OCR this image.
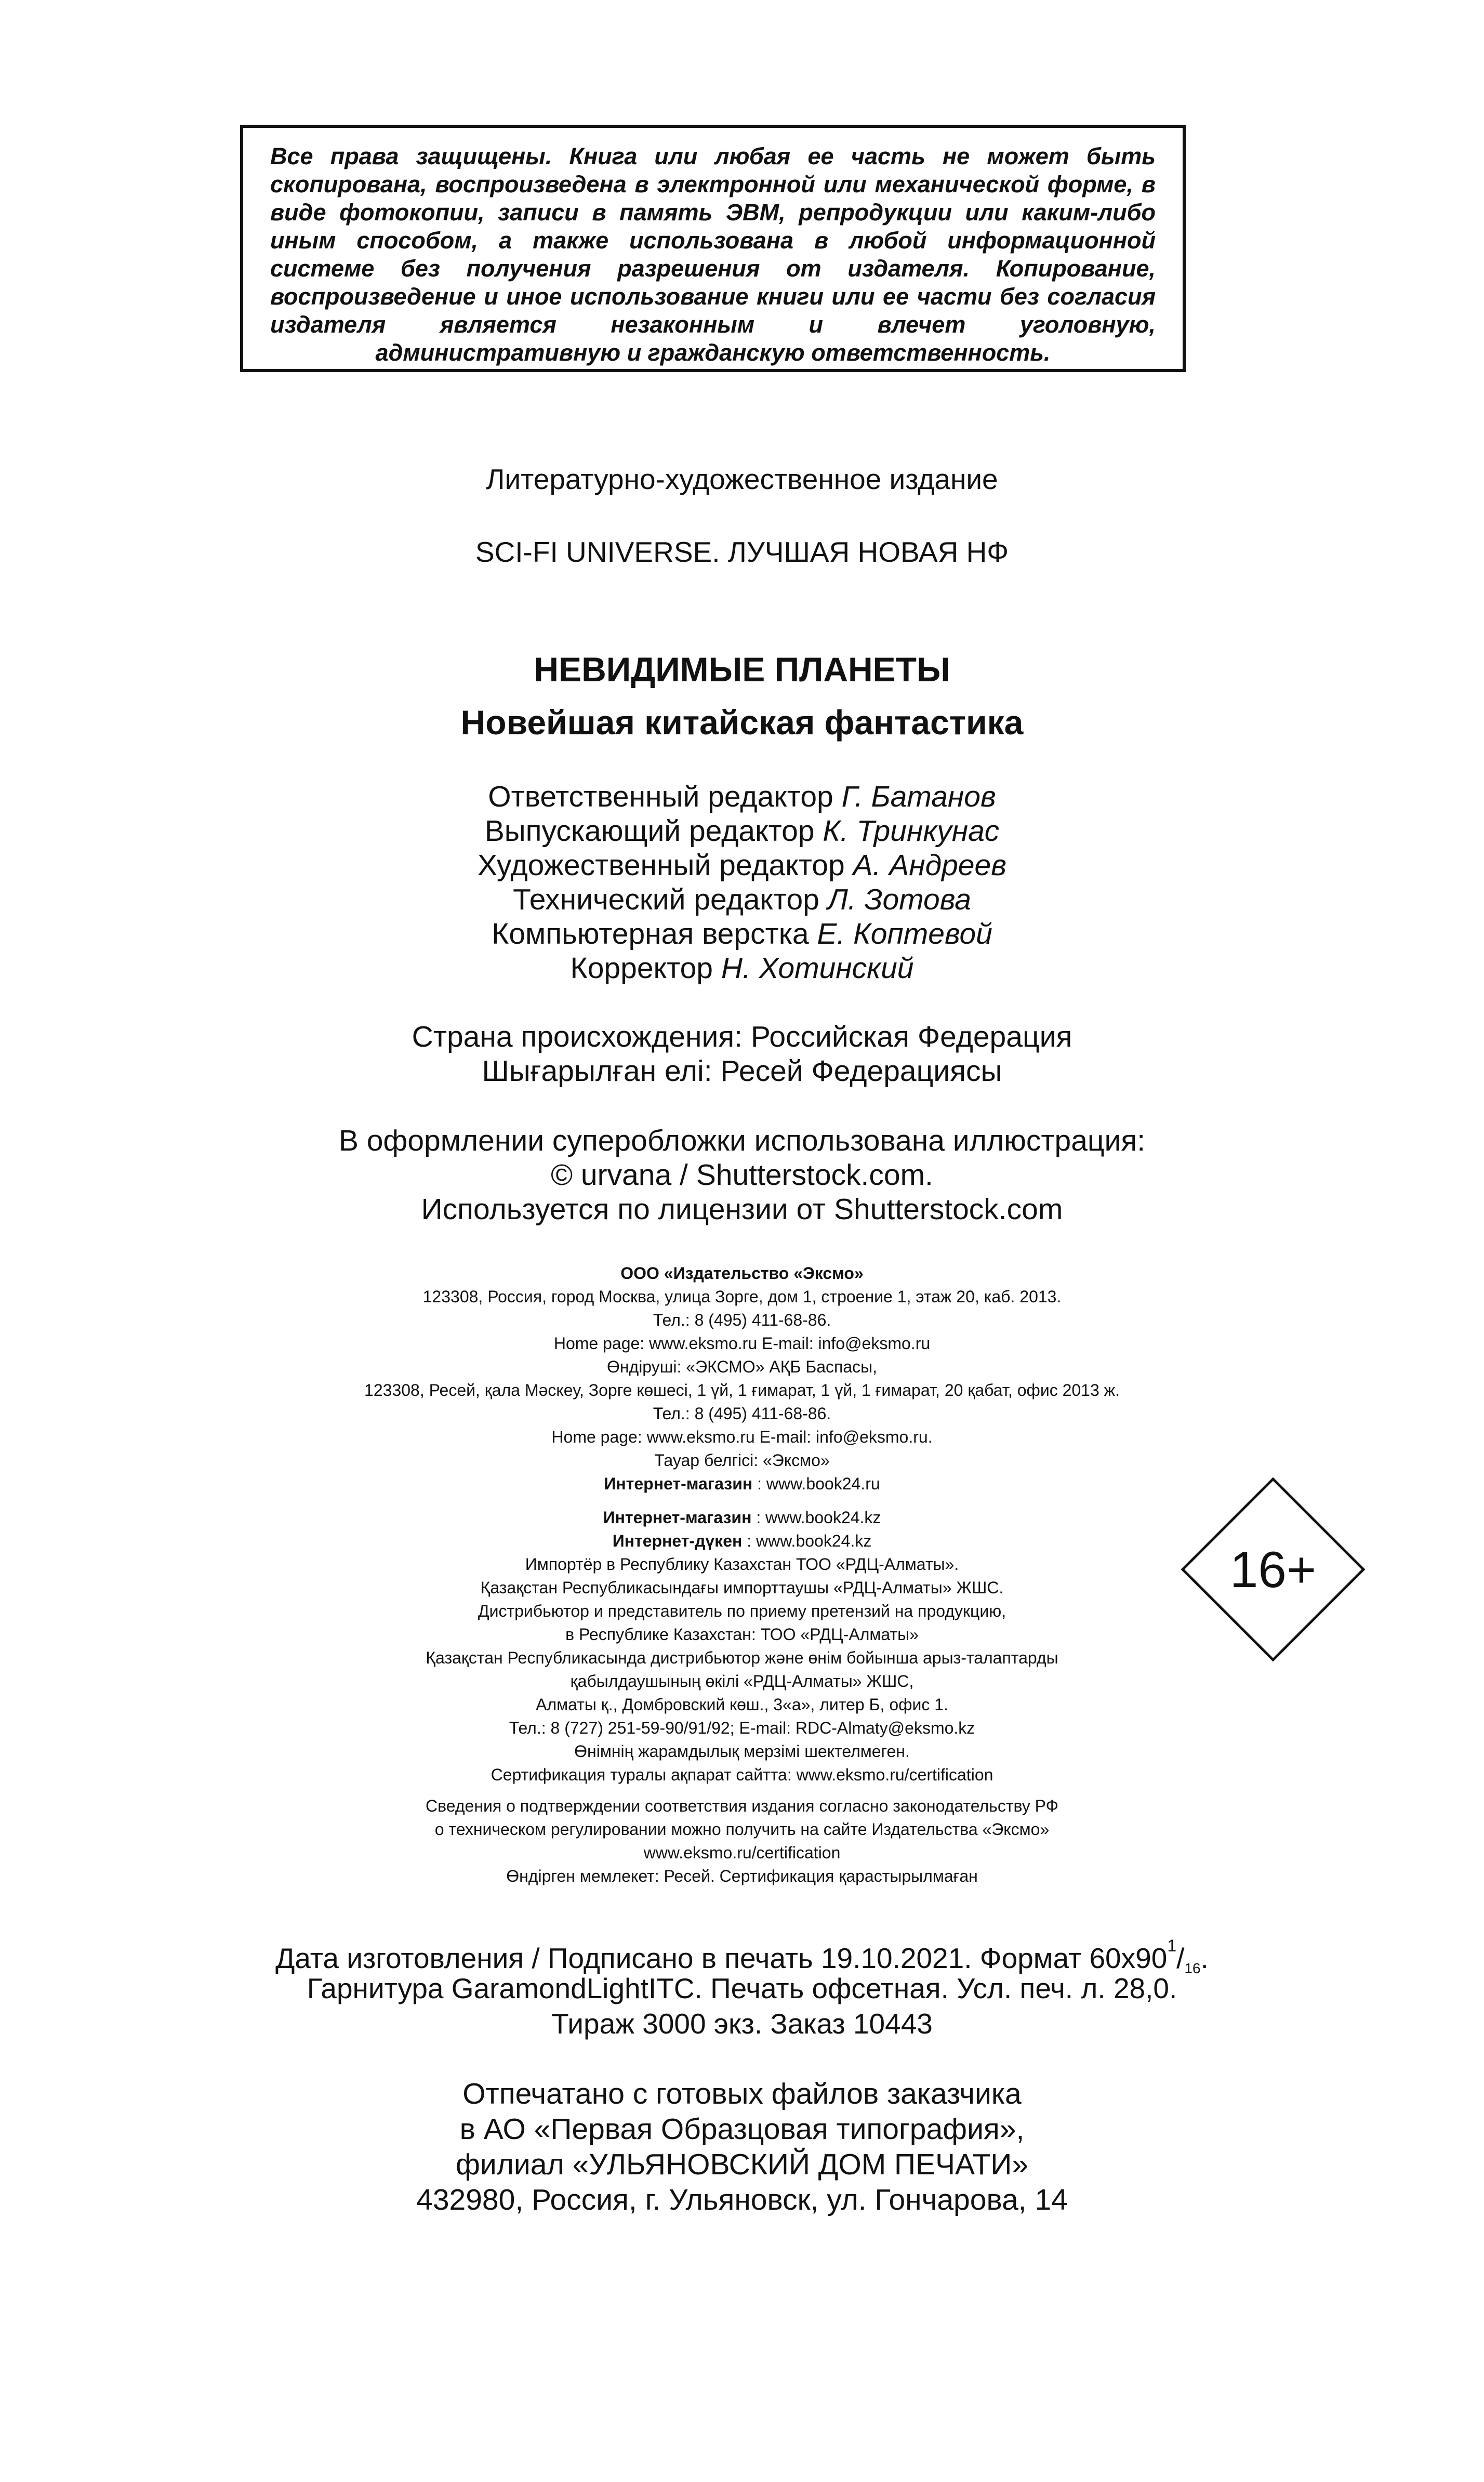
Все права защищены. Книга или любая ее часть не может быть скопирована, воспроизведена в электронной или механической форме, в виде фотокопии, записи в память ЭВМ, репродукции или каким-либо иным способом, а также использована в любой информационной системе без получения разрешения от издателя. Копирование, воспроизведение и иное использование книги или ее части без согласия издателя является незаконным и влечет уголовную, административную и гражданскую ответственность.

Литературно-художественное издание

SCI-FI UNIVERSE. ЛУЧШАЯ НОВАЯ НФ

НЕВИДИМЫЕ ПЛАНЕТЫ

Новейшая китайская фантастика

Ответственный редактор Г. Батанов

Выпускающий редактор К. Тринкунас

Художественный редактор А. Андреев

Технический редактор Л. Зотова

Компьютерная верстка Е. Коптевой

Корректор Н. Хотинский

Страна происхождения: Российская Федерация

Шығарылған елі: Ресей Федерациясы

В оформлении суперобложки использована иллюстрация:

© urvana / Shutterstock.com.

Используется по лицензии от Shutterstock.com

ООО «Издательство «Эксмо»

123308, Россия, город Москва, улица Зорге, дом 1, строение 1, этаж 20, каб. 2013.

Тел.: 8 (495) 411-68-86.

Home page: www.eksmo.ru E-mail: info@eksmo.ru

Өндіруші: «ЭКСМО» АҚБ Баспасы,

123308, Ресей, қала Мәскеу, Зорге көшесі, 1 үй, 1 ғимарат, 1 үй, 1 ғимарат, 20 қабат, офис 2013 ж.

Тел.: 8 (495) 411-68-86.

Home page: www.eksmo.ru E-mail: info@eksmo.ru.

Тауар белгісі: «Эксмо»

Интернет-магазин : www.book24.ru

Интернет-магазин : www.book24.kz

Интернет-дүкен : www.book24.kz

Импортёр в Республику Казахстан ТОО «РДЦ-Алматы».

Қазақстан Республикасындағы импорттаушы «РДЦ-Алматы» ЖШС.

Дистрибьютор и представитель по приему претензий на продукцию,

в Республике Казахстан: ТОО «РДЦ-Алматы»

Қазақстан Республикасында дистрибьютор және өнім бойынша арыз-талаптарды

қабылдаушының өкілі «РДЦ-Алматы» ЖШС,

Алматы қ., Домбровский көш., 3«а», литер Б, офис 1.

Тел.: 8 (727) 251-59-90/91/92; E-mail: RDC-Almaty@eksmo.kz

Өнімнің жарамдылық мерзімі шектелмеген.

Сертификация туралы ақпарат сайтта: www.eksmo.ru/certification

Сведения о подтверждении соответствия издания согласно законодательству РФ

о техническом регулировании можно получить на сайте Издательства «Эксмо»

www.eksmo.ru/certification

Өндірген мемлекет: Ресей. Сертификация қарастырылмаған

16+

Дата изготовления / Подписано в печать 19.10.2021. Формат $60x90^1/_{16}$.

Гарнитура GaramondLightITC. Печать офсетная. Усл. печ. л. 28,0.

Тираж 3000 экз. Заказ 10443

Отпечатано с готовых файлов заказчика

в АО «Первая Образцовая типография»,

филиал «УЛЬЯНОВСКИЙ ДОМ ПЕЧАТИ»

432980, Россия, г. Ульяновск, ул. Гончарова, 14
